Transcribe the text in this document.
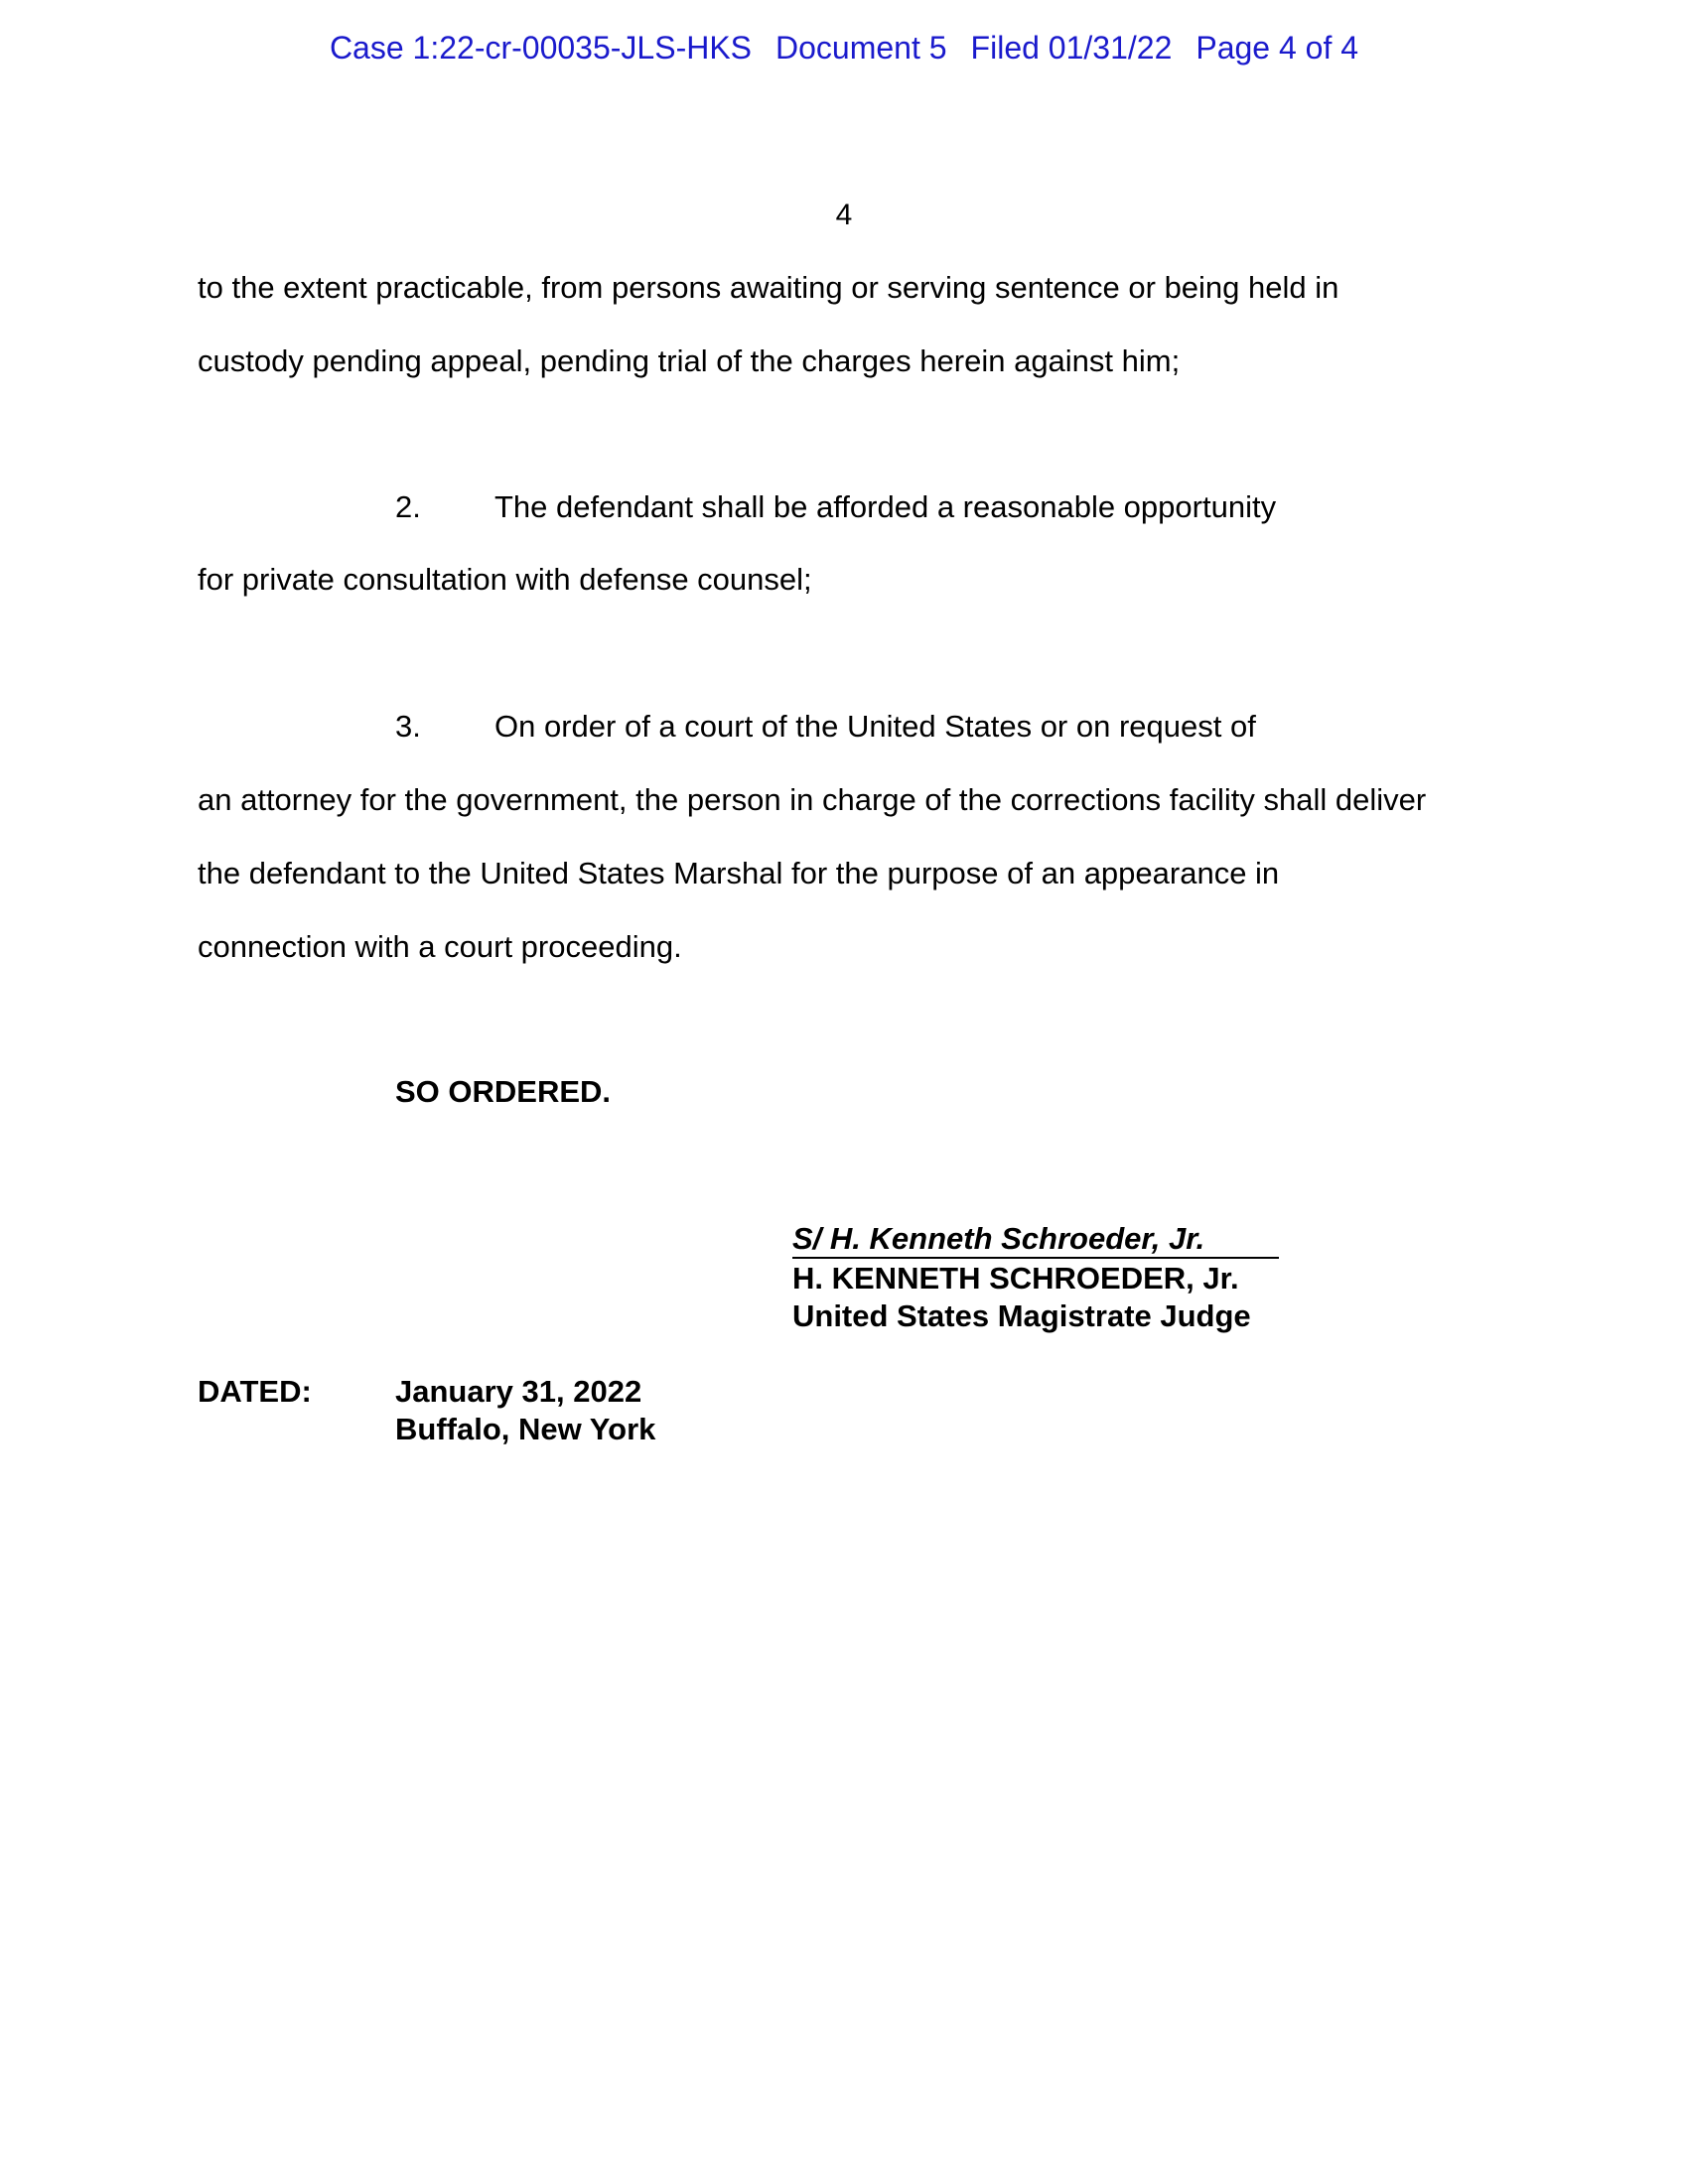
Case 1:22-cr-00035-JLS-HKS Document 5 Filed 01/31/22 Page 4 of 4
4
to the extent practicable, from persons awaiting or serving sentence or being held in
custody pending appeal, pending trial of the charges herein against him;
2. The defendant shall be afforded a reasonable opportunity
for private consultation with defense counsel;
3. On order of a court of the United States or on request of
an attorney for the government, the person in charge of the corrections facility shall deliver
the defendant to the United States Marshal for the purpose of an appearance in
connection with a court proceeding.
SO ORDERED.
S/ H. Kenneth Schroeder, Jr.
H. KENNETH SCHROEDER, Jr.
United States Magistrate Judge
DATED:	January 31, 2022
Buffalo, New York
